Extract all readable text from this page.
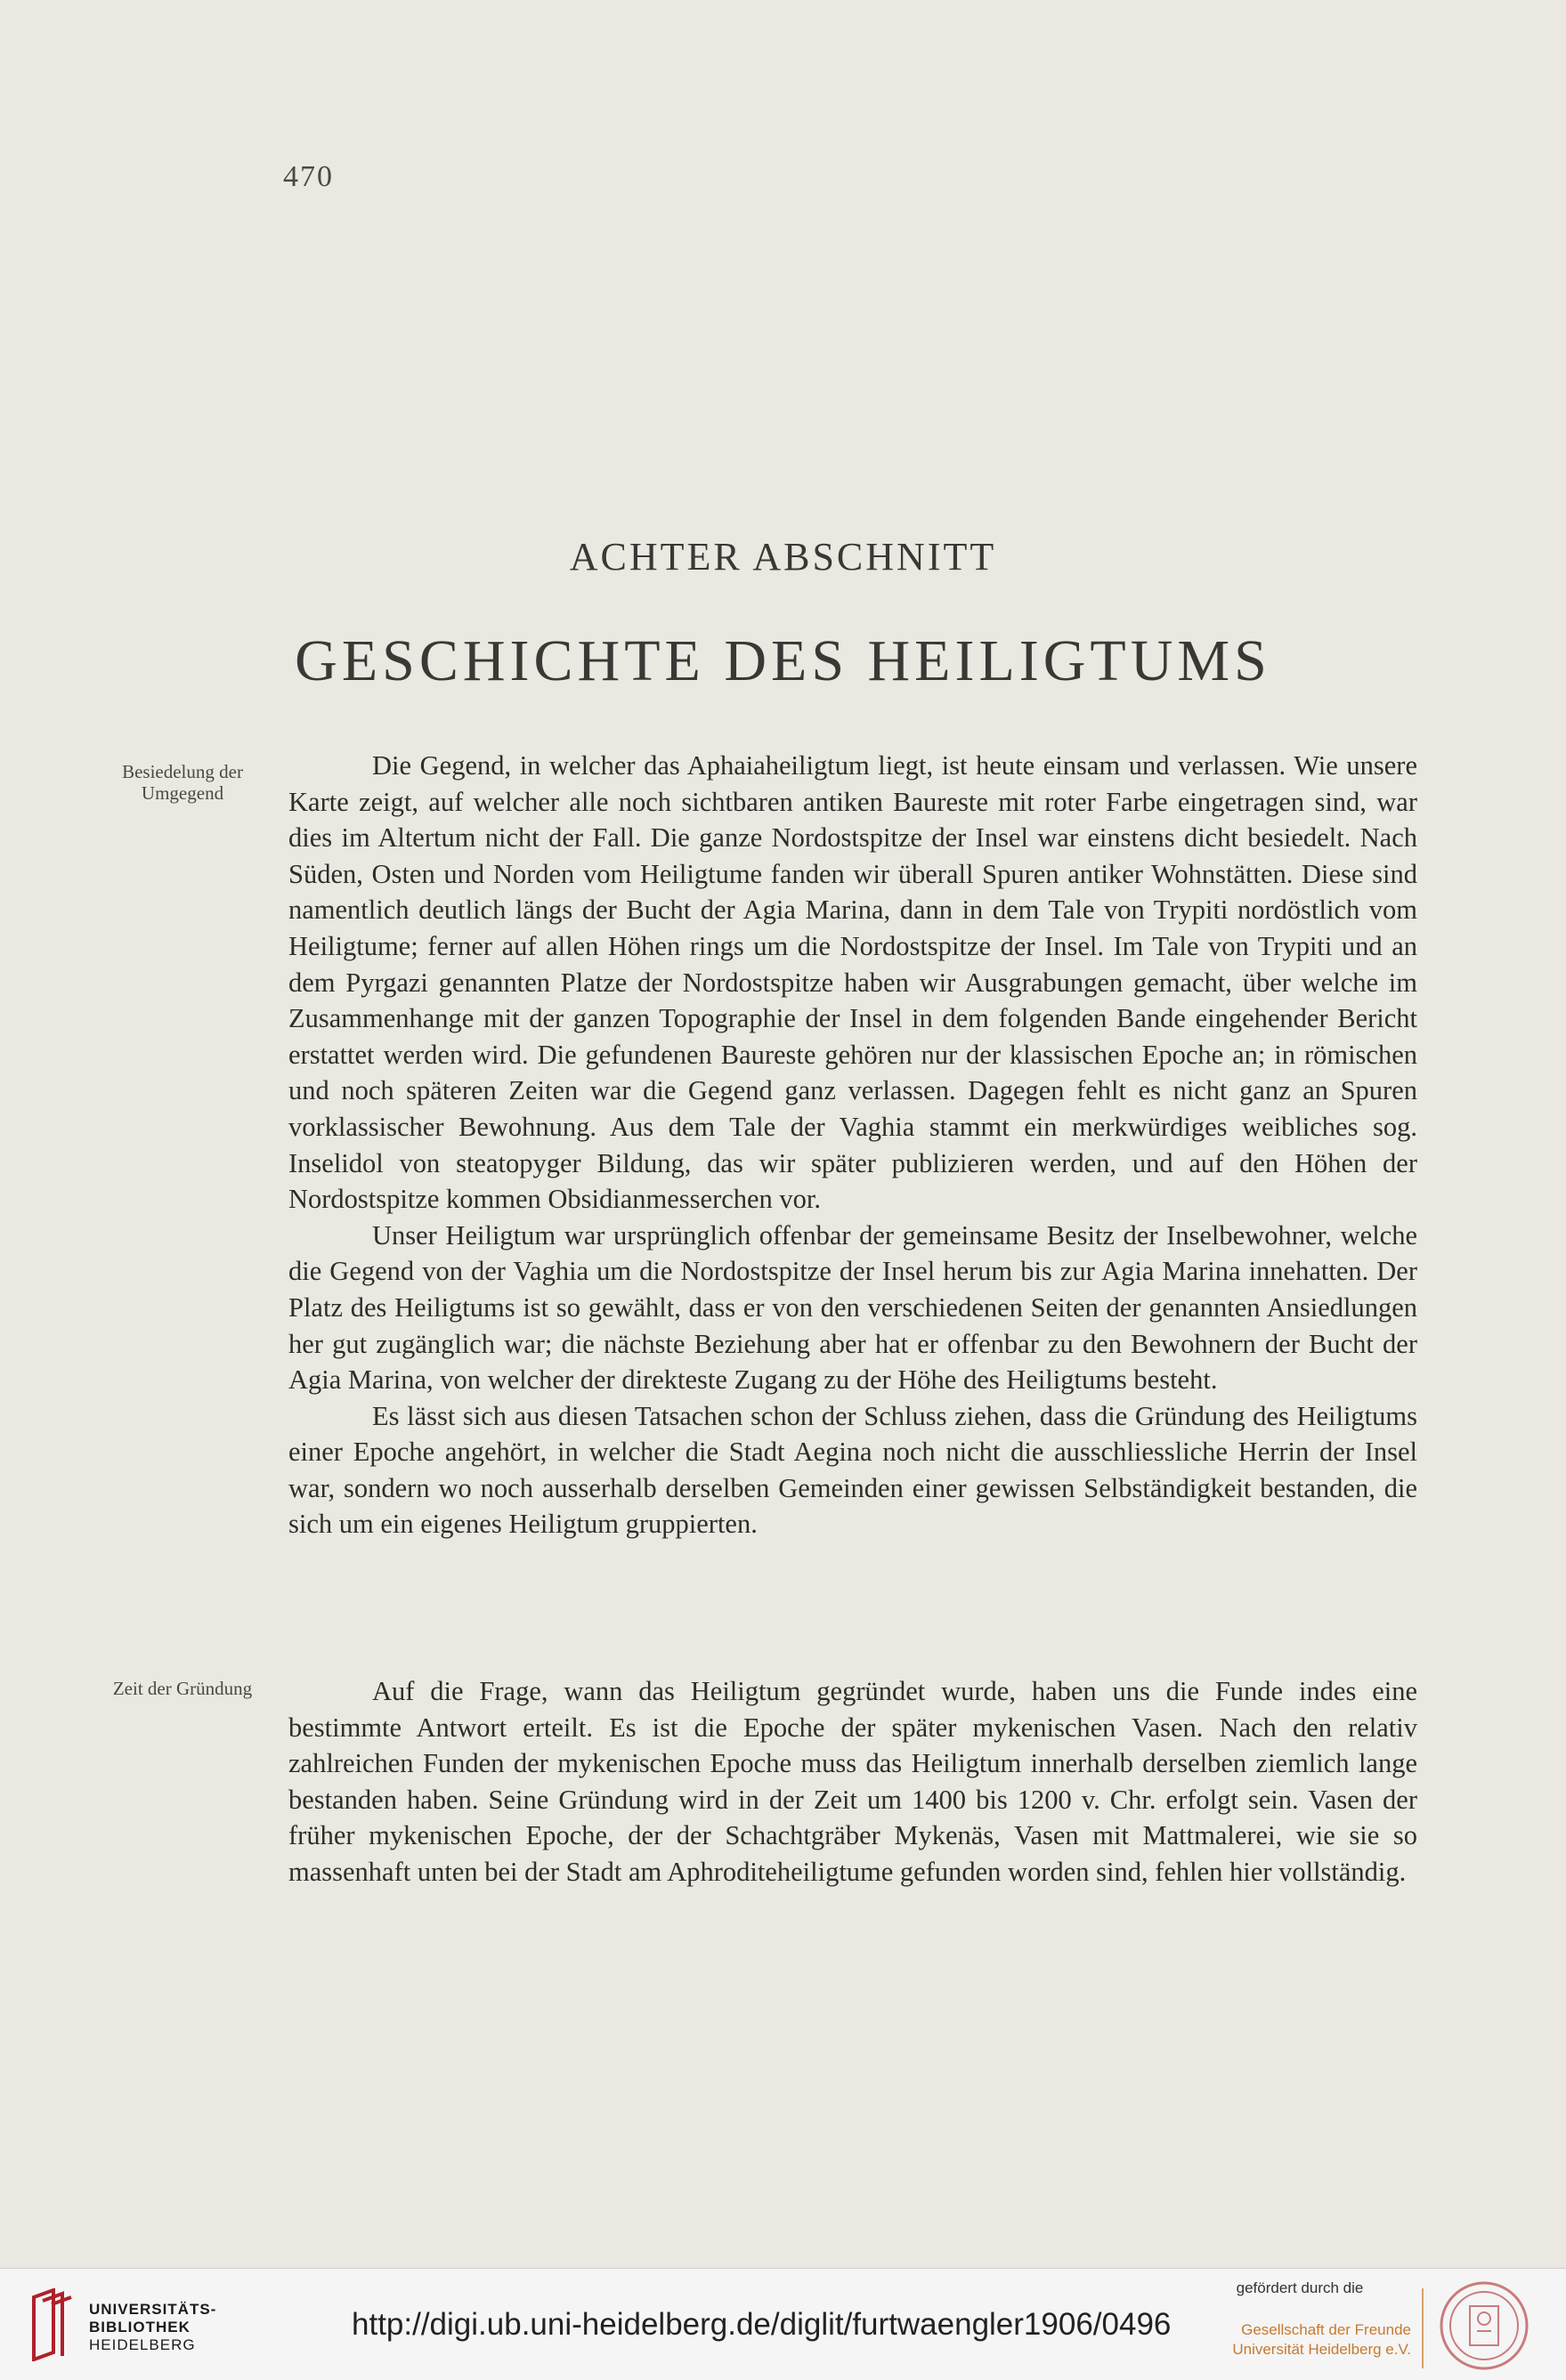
470
ACHTER ABSCHNITT
GESCHICHTE DES HEILIGTUMS
Besiedelung der Umgegend
Zeit der Gründung

Die Gegend, in welcher das Aphaiaheiligtum liegt, ist heute einsam und verlassen. Wie unsere Karte zeigt, auf welcher alle noch sichtbaren antiken Baureste mit roter Farbe eingetragen sind, war dies im Altertum nicht der Fall. Die ganze Nordostspitze der Insel war einstens dicht besiedelt. Nach Süden, Osten und Norden vom Heiligtume fanden wir überall Spuren antiker Wohnstätten. Diese sind namentlich deutlich längs der Bucht der Agia Marina, dann in dem Tale von Trypiti nordöstlich vom Heiligtume; ferner auf allen Höhen rings um die Nordostspitze der Insel. Im Tale von Trypiti und an dem Pyrgazi genannten Platze der Nordostspitze haben wir Ausgrabungen gemacht, über welche im Zusammenhange mit der ganzen Topographie der Insel in dem folgenden Bande eingehender Bericht erstattet werden wird. Die gefundenen Baureste gehören nur der klassischen Epoche an; in römischen und noch späteren Zeiten war die Gegend ganz verlassen. Dagegen fehlt es nicht ganz an Spuren vorklassischer Bewohnung. Aus dem Tale der Vaghia stammt ein merkwürdiges weibliches sog. Inselidol von steatopyger Bildung, das wir später publizieren werden, und auf den Höhen der Nordostspitze kommen Obsidianmesserchen vor.

Unser Heiligtum war ursprünglich offenbar der gemeinsame Besitz der Inselbewohner, welche die Gegend von der Vaghia um die Nordostspitze der Insel herum bis zur Agia Marina innehatten. Der Platz des Heiligtums ist so gewählt, dass er von den verschiedenen Seiten der genannten Ansiedlungen her gut zugänglich war; die nächste Beziehung aber hat er offenbar zu den Bewohnern der Bucht der Agia Marina, von welcher der direkteste Zugang zu der Höhe des Heiligtums besteht.

Es lässt sich aus diesen Tatsachen schon der Schluss ziehen, dass die Gründung des Heiligtums einer Epoche angehört, in welcher die Stadt Aegina noch nicht die ausschliessliche Herrin der Insel war, sondern wo noch ausserhalb derselben Gemeinden einer gewissen Selbständigkeit bestanden, die sich um ein eigenes Heiligtum gruppierten.

Auf die Frage, wann das Heiligtum gegründet wurde, haben uns die Funde indes eine bestimmte Antwort erteilt. Es ist die Epoche der später mykenischen Vasen. Nach den relativ zahlreichen Funden der mykenischen Epoche muss das Heiligtum innerhalb derselben ziemlich lange bestanden haben. Seine Gründung wird in der Zeit um 1400 bis 1200 v. Chr. erfolgt sein. Vasen der früher mykenischen Epoche, der der Schachtgräber Mykenäs, Vasen mit Mattmalerei, wie sie so massenhaft unten bei der Stadt am Aphroditeheiligtume gefunden worden sind, fehlen hier vollständig.

UNIVERSITÄTS-
BIBLIOTHEK
HEIDELBERG
http://digi.ub.uni-heidelberg.de/diglit/furtwaengler1906/0496
gefördert durch die
Gesellschaft der Freunde
Universität Heidelberg e.V.
